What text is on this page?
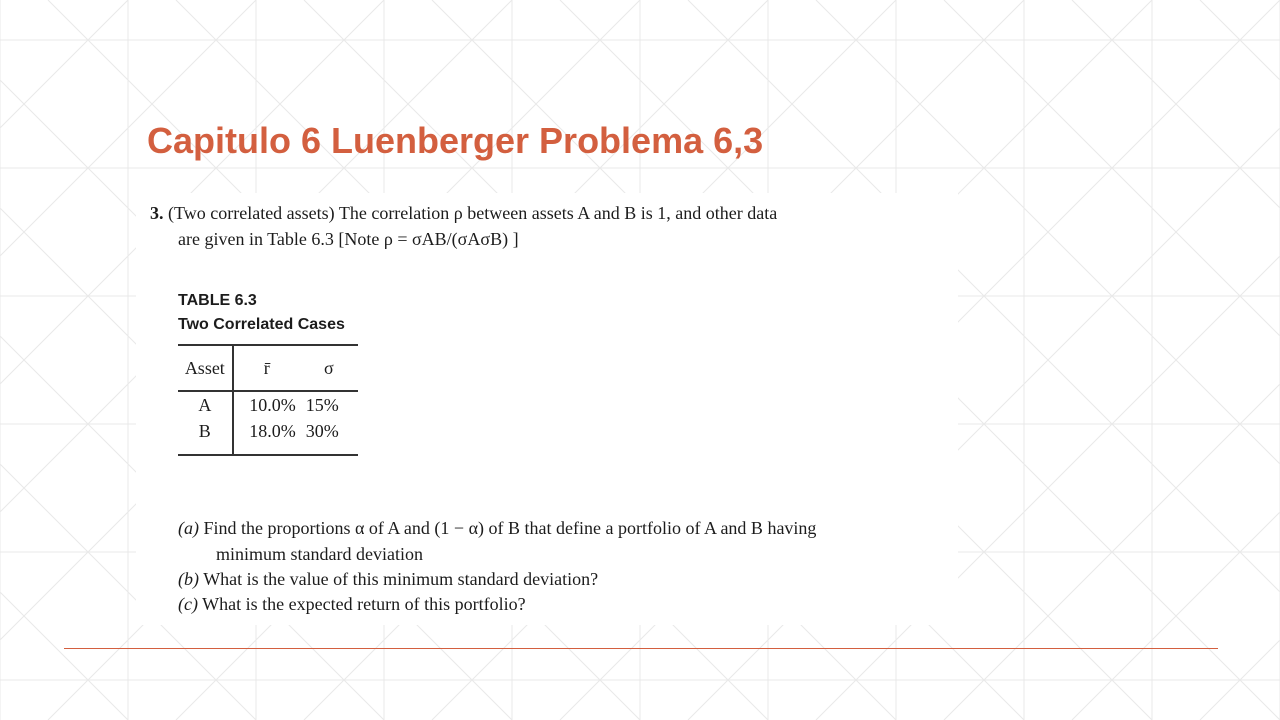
Capitulo 6 Luenberger Problema 6,3
3. (Two correlated assets) The correlation ρ between assets A and B is 1, and other data
are given in Table 6.3 [Note ρ = σAB/(σAσB) ]
TABLE 6.3
Two Correlated Cases
Asset	r̄	σ
A	10.0%	15%
B	18.0%	30%
(a) Find the proportions α of A and (1 − α) of B that define a portfolio of A and B having
minimum standard deviation
(b) What is the value of this minimum standard deviation?
(c) What is the expected return of this portfolio?
